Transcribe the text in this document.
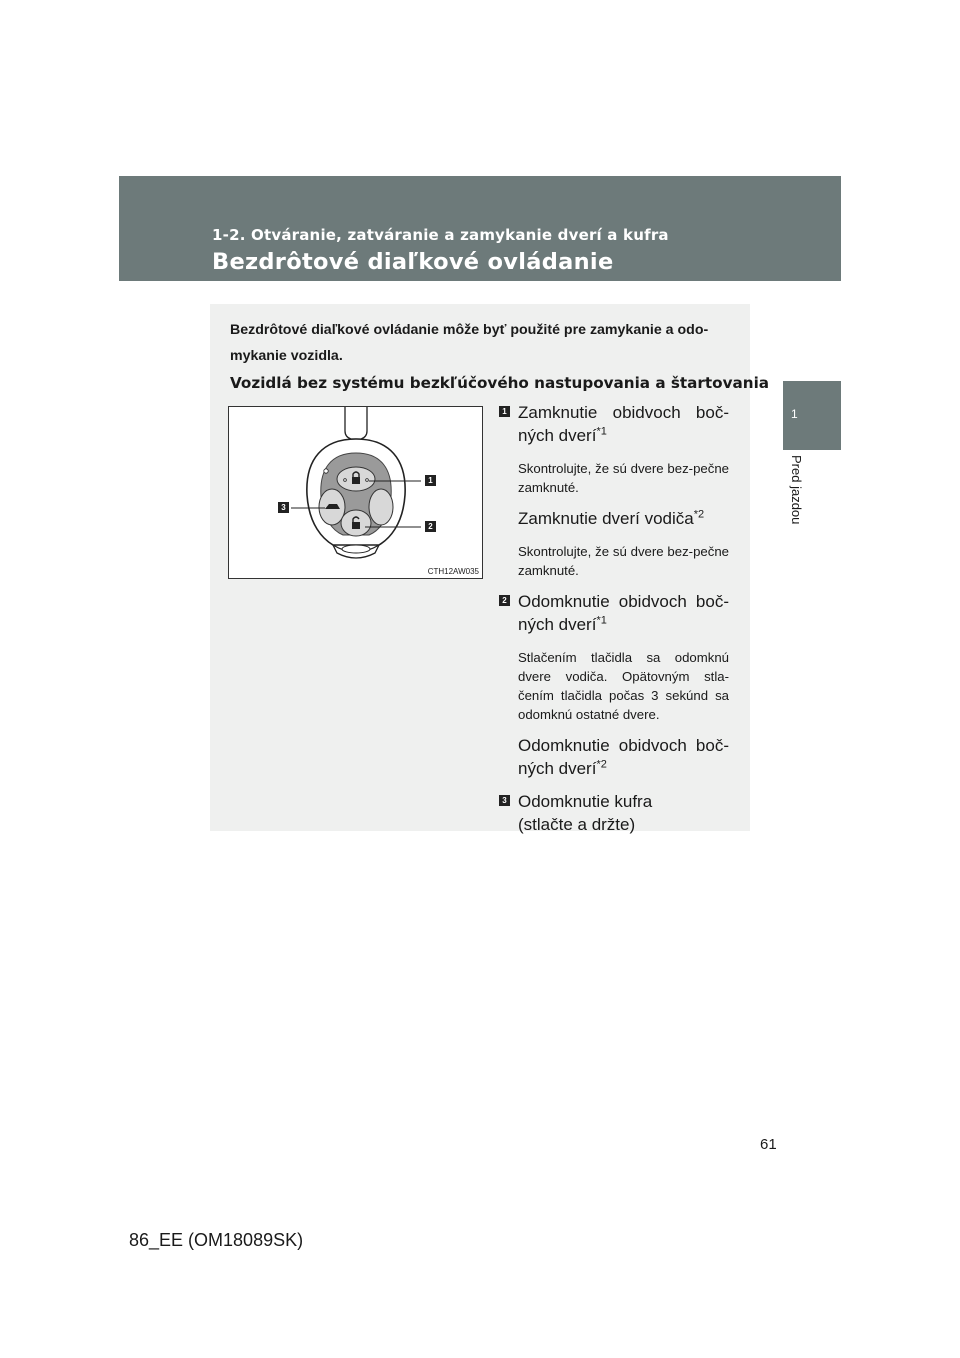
1-2. Otváranie, zatváranie a zamykanie dverí a kufra
Bezdrôtové diaľkové ovládanie
1
Pred jazdou
Bezdrôtové diaľkové ovládanie môže byť použité pre zamykanie a odo-mykanie vozidla.
Vozidlá bez systému bezkľúčového nastupovania a štartovania
1
2
3
CTH12AW035
1 Zamknutie obidvoch boč-ných dverí$^{*1}$
Skontrolujte, že sú dvere bez-pečne zamknuté.
Zamknutie dverí vodiča$^{*2}$
Skontrolujte, že sú dvere bez-pečne zamknuté.
2 Odomknutie obidvoch boč-ných dverí$^{*1}$
Stlačením tlačidla sa odomknú dvere vodiča. Opätovným stla-čením tlačidla počas 3 sekúnd sa odomknú ostatné dvere.
Odomknutie obidvoch boč-ných dverí$^{*2}$
3 Odomknutie kufra
(stlačte a držte)
61
86_EE (OM18089SK)
